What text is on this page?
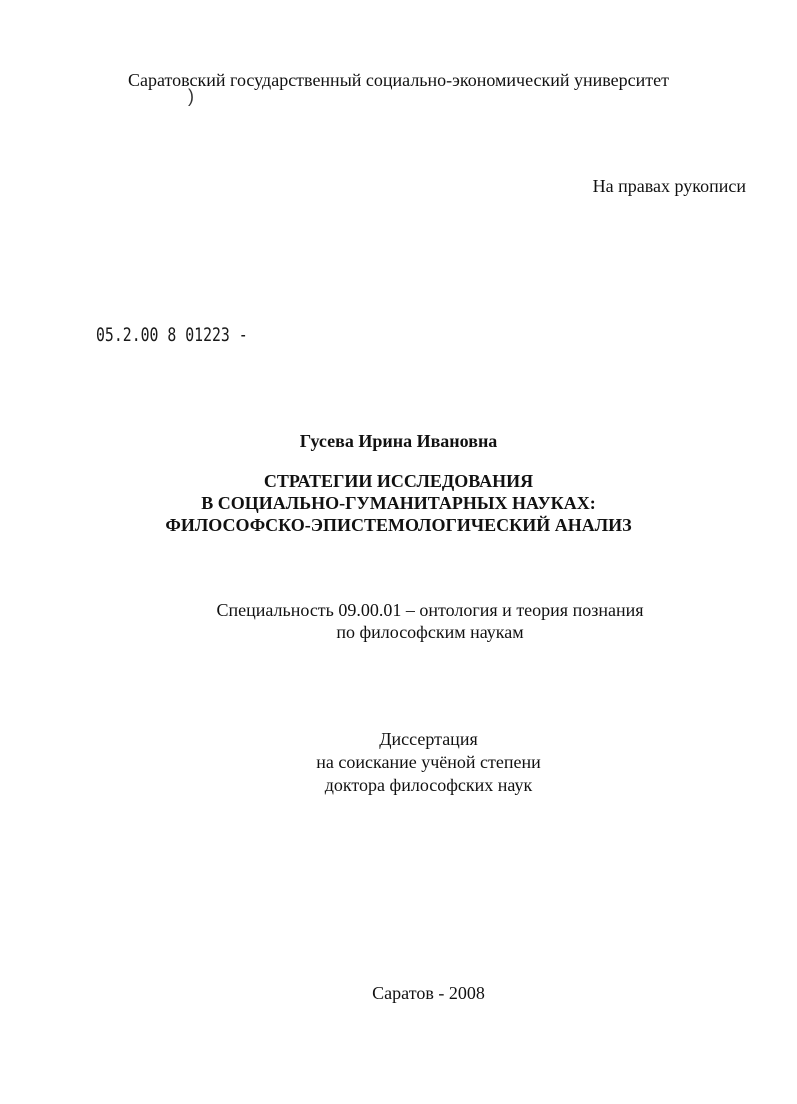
Саратовский государственный социально-экономический университет
)
На правах рукописи
05.2.00 8 01223 -
Гусева Ирина Ивановна
СТРАТЕГИИ ИССЛЕДОВАНИЯ
В СОЦИАЛЬНО-ГУМАНИТАРНЫХ НАУКАХ:
ФИЛОСОФСКО-ЭПИСТЕМОЛОГИЧЕСКИЙ АНАЛИЗ
Специальность 09.00.01 – онтология и теория познания
по философским наукам
Диссертация
на соискание учёной степени
доктора философских наук
Саратов - 2008
